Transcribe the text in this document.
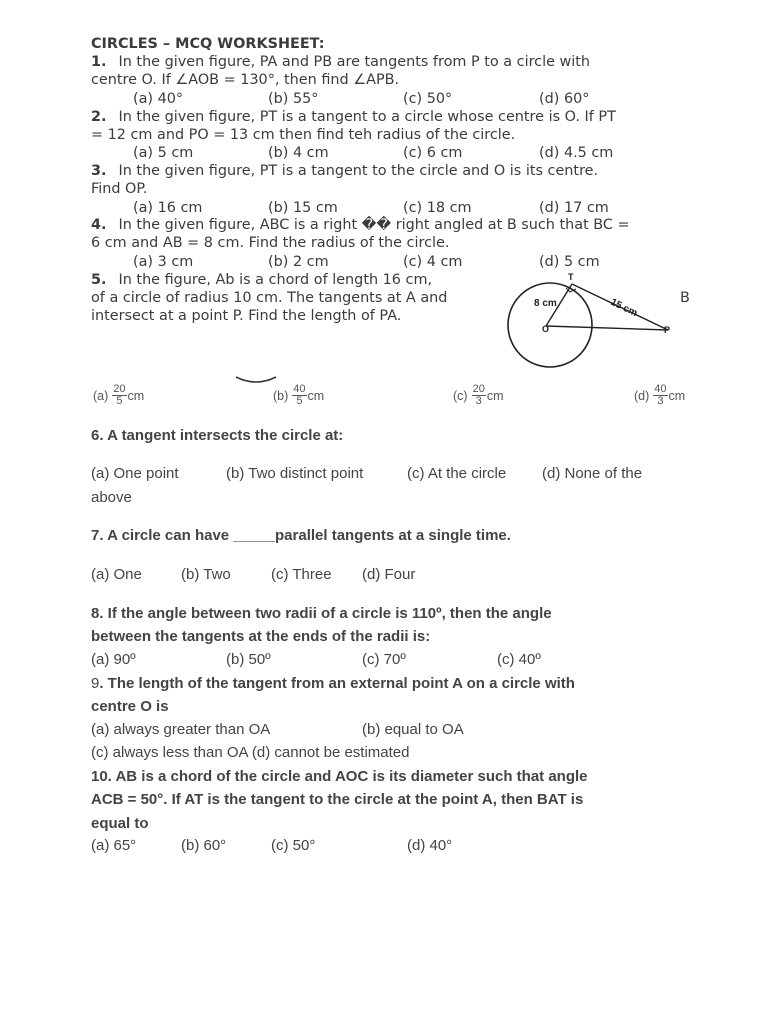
CIRCLES – MCQ WORKSHEET:
1. In the given figure, PA and PB are tangents from P to a circle with
centre O. If ∠AOB = 130°, then find ∠APB.
(a) 40°	(b) 55°	(c) 50°	(d) 60°
2. In the given figure, PT is a tangent to a circle whose centre is O. If PT
= 12 cm and PO = 13 cm then find teh radius of the circle.
(a) 5 cm	(b) 4 cm	(c) 6 cm	(d) 4.5 cm
3. In the given figure, PT is a tangent to the circle and O is its centre.
Find OP.
(a) 16 cm	(b) 15 cm	(c) 18 cm	(d) 17 cm
4. In the given figure, ABC is a right �� right angled at B such that BC =
6 cm and AB = 8 cm. Find the radius of the circle.
(a) 3 cm	(b) 2 cm	(c) 4 cm	(d) 5 cm
5. In the figure, Ab is a chord of length 16 cm,
of a circle of radius 10 cm. The tangents at A and	B
intersect at a point P. Find the length of PA.
8 cm	15 cm
T
O	P
$(a) \frac{20}{5}$ cm	$(b) \frac{40}{5}$ cm	$(c) \frac{20}{3}$ cm	$(d) \frac{40}{3}$ cm
6. A tangent intersects the circle at:
(a) One point	(b) Two distinct point	(c) At the circle (d) None of the
above
7. A circle can have _____parallel tangents at a single time.
(a) One	(b) Two	(c) Three (d) Four
8. If the angle between two radii of a circle is 110º, then the angle
between the tangents at the ends of the radii is:
(a) 90º	(b) 50º	(c) 70º	(c) 40º
9. The length of the tangent from an external point A on a circle with
centre O is
(a) always greater than OA	(b) equal to OA
(c) always less than OA (d) cannot be estimated
10. AB is a chord of the circle and AOC is its diameter such that angle
ACB = 50°. If AT is the tangent to the circle at the point A, then BAT is
equal to
(a) 65°	(b) 60°	(c) 50°	(d) 40°
